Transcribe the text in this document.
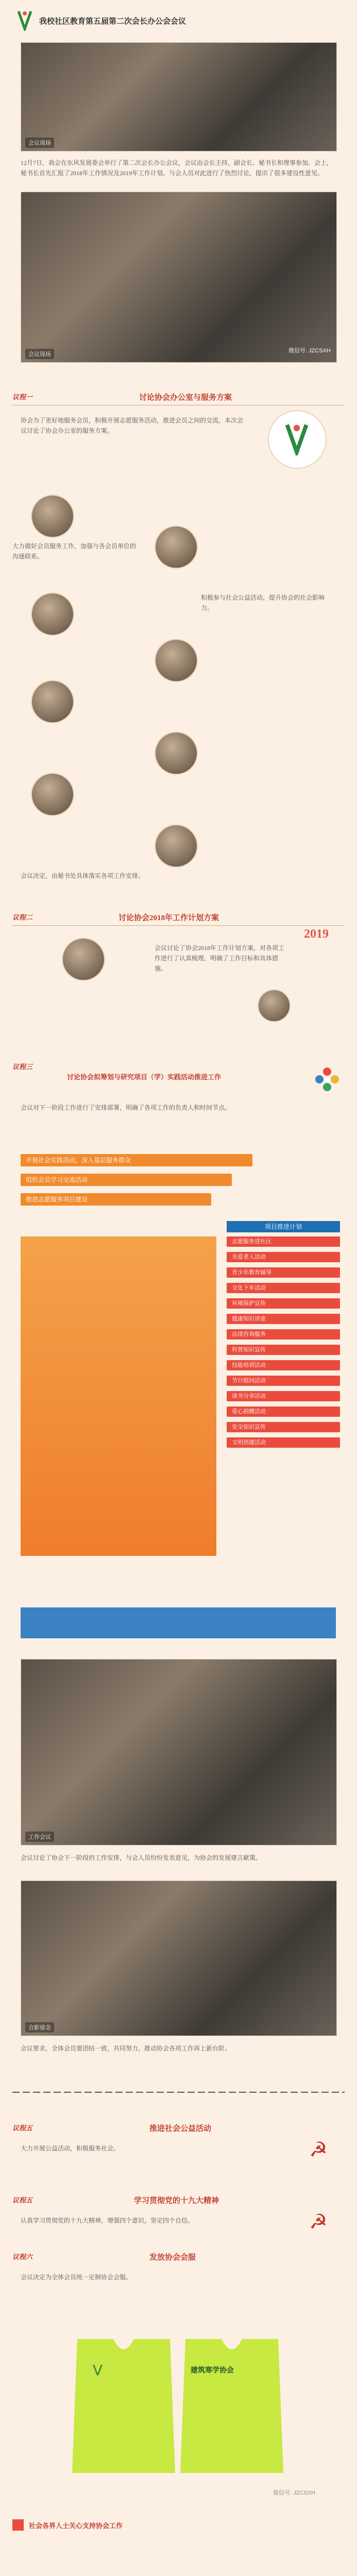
我校社区教育第五届第二次会长办公会会议
会议现场
12月7日，我会在东风发展委会举行了第二次会长办公会议，会议由会长主持，副会长、秘书长和理事参加。会上，秘书长首先汇报了2018年工作情况及2019年工作计划，与会人员对此进行了热烈讨论，提出了很多建设性意见。
会议现场
微信号: JZCSXH
议程一	讨论协会办公室与服务方案
协会为了更好地服务会员，积极开展志愿服务活动，推进会员之间的交流，本次会议讨论了协会办公室的服务方案。
大力做好会员服务工作，加强与各会员单位的沟通联系。
积极参与社会公益活动，提升协会的社会影响力。
会议决定，由秘书处具体落实各项工作安排。
议程二	讨论协会2018年工作计划方案
会议讨论了协会2018年工作计划方案，对各项工作进行了认真梳理，明确了工作目标和具体措施。
2019
议程三
讨论协会拟筹划与研究项目（学）实践活动推进工作
会议对下一阶段工作进行了安排部署，明确了各项工作的负责人和时间节点。
开展社会实践活动，深入基层服务群众
组织会员学习交流活动
推进志愿服务项目建设
项目推进计划
志愿服务进社区
关爱老人活动
青少年教育辅导
文化下乡活动
环境保护宣传
健康知识讲座
法律咨询服务
科普知识宣传
技能培训活动
节日慰问活动
读书分享活动
爱心捐赠活动
安全知识宣传
文明创建活动
工作会议
会议讨论了协会下一阶段的工作安排，与会人员纷纷发表意见，为协会的发展建言献策。
合影留念
会议要求，全体会员要团结一致，共同努力，推动协会各项工作再上新台阶。
议程五	推进社会公益活动
大力开展公益活动，积极服务社会。	☭
议程五	学习贯彻党的十九大精神
认真学习贯彻党的十九大精神，增强四个意识，坚定四个自信。	☭
议程六	发放协会会服
会议决定为全体会员统一定制协会会服。
V	建筑寒学协会
微信号: JZCSXH
社会各界人士关心支持协会工作
